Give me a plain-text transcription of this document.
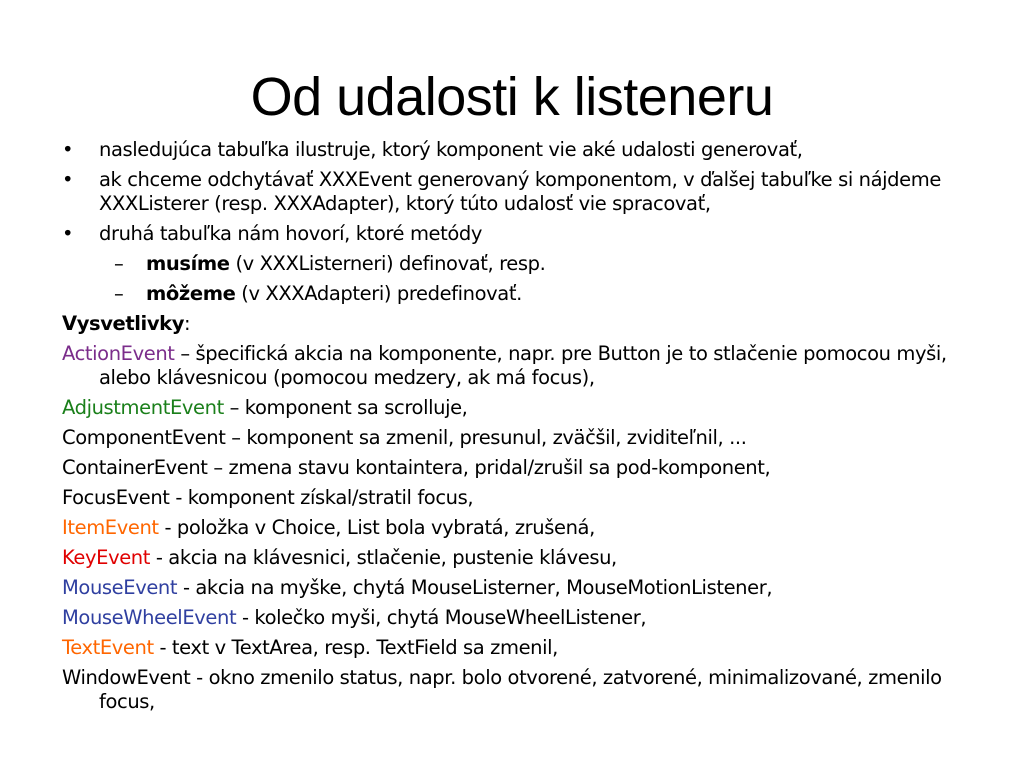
Od udalosti k listeneru
• nasledujúca tabuľka ilustruje, ktorý komponent vie aké udalosti generovať,
• ak chceme odchytávať XXXEvent generovaný komponentom, v ďalšej tabuľke si nájdeme XXXListerer (resp. XXXAdapter), ktorý túto udalosť vie spracovať,
• druhá tabuľka nám hovorí, ktoré metódy
– musíme (v XXXListerneri) definovať, resp.
– môžeme (v XXXAdapteri) predefinovať.
Vysvetlivky:
ActionEvent – špecifická akcia na komponente, napr. pre Button je to stlačenie pomocou myši, alebo klávesnicou (pomocou medzery, ak má focus),
AdjustmentEvent – komponent sa scrolluje,
ComponentEvent – komponent sa zmenil, presunul, zväčšil, zviditeľnil, ...
ContainerEvent – zmena stavu kontaintera, pridal/zrušil sa pod-komponent,
FocusEvent - komponent získal/stratil focus,
ItemEvent - položka v Choice, List bola vybratá, zrušená,
KeyEvent - akcia na klávesnici, stlačenie, pustenie klávesu,
MouseEvent - akcia na myške, chytá MouseListerner, MouseMotionListener,
MouseWheelEvent - kolečko myši, chytá MouseWheelListener,
TextEvent - text v TextArea, resp. TextField sa zmenil,
WindowEvent - okno zmenilo status, napr. bolo otvorené, zatvorené, minimalizované, zmenilo focus,
